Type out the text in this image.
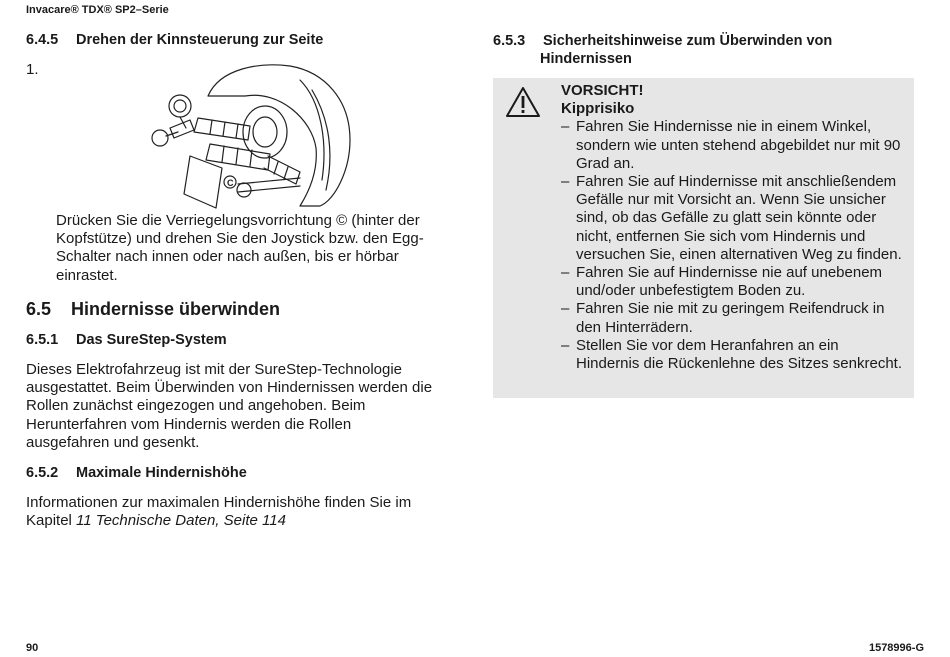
Invacare® TDX® SP2–Serie
6.4.5 Drehen der Kinnsteuerung zur Seite
1.
C
Drücken Sie die Verriegelungsvorrichtung © (hinter der Kopfstütze) und drehen Sie den Joystick bzw. den Egg-Schalter nach innen oder nach außen, bis er hörbar einrastet.
6.5 Hindernisse überwinden
6.5.1 Das SureStep-System
Dieses Elektrofahrzeug ist mit der SureStep-Technologie ausgestattet. Beim Überwinden von Hindernissen werden die Rollen zunächst eingezogen und angehoben. Beim Herunterfahren vom Hindernis werden die Rollen ausgefahren und gesenkt.
6.5.2 Maximale Hindernishöhe
Informationen zur maximalen Hindernishöhe finden Sie im Kapitel 11 Technische Daten, Seite 114
6.5.3 Sicherheitshinweise zum Überwinden von
Hindernissen
VORSICHT!
Kipprisiko
– Fahren Sie Hindernisse nie in einem Winkel, sondern wie unten stehend abgebildet nur mit 90 Grad an.
– Fahren Sie auf Hindernisse mit anschließendem Gefälle nur mit Vorsicht an. Wenn Sie unsicher sind, ob das Gefälle zu glatt sein könnte oder nicht, entfernen Sie sich vom Hindernis und versuchen Sie, einen alternativen Weg zu finden.
– Fahren Sie auf Hindernisse nie auf unebenem und/oder unbefestigtem Boden zu.
– Fahren Sie nie mit zu geringem Reifendruck in den Hinterrädern.
– Stellen Sie vor dem Heranfahren an ein Hindernis die Rückenlehne des Sitzes senkrecht.
90	1578996-G
